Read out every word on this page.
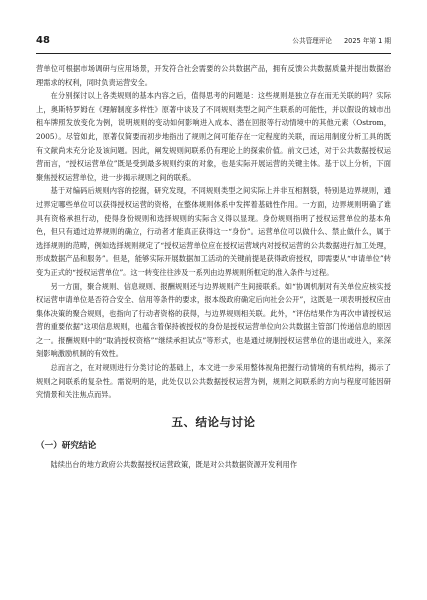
48	公共管理评论 2025 年第 1 期

营单位可根据市场调研与应用场景，开发符合社会需要的公共数据产品，拥有反馈公共数据质量并提出数据治理需求的权利，同时负责运营安全。

在分别探讨以上各类规则的基本内容之后，值得思考的问题是：这些规则是独立存在而无关联的吗？实际上，奥斯特罗姆在《理解制度多样性》原著中谈及了不同规则类型之间产生联系的可能性，并以假设的城市出租车牌照发放变化为例，说明规则的变动如何影响进入成本、潜在回报等行动情境中的其他元素（Ostrom，2005）。尽管如此，原著仅简要而初步地指出了规则之间可能存在一定程度的关联，而运用制度分析工具的既有文献尚未充分论及该问题。因此，阐发规则间联系仍有理论上的探索价值。前文已述，对于公共数据授权运营而言，“授权运营单位”既是受到最多规则约束的对象，也是实际开展运营的关键主体。基于以上分析，下面聚焦授权运营单位，进一步揭示规则之间的联系。

基于对编码后规则内容的挖掘，研究发现，不同规则类型之间实际上并非互相割裂，特别是边界规则，通过界定哪些单位可以获得授权运营的资格，在整体规则体系中发挥着基础性作用。一方面，边界规则明确了谁具有资格承担行动，使得身份规则和选择规则的实际含义得以显现。身份规则指明了授权运营单位的基本角色，但只有通过边界规则的确立，行动者才能真正获得这一“身份”。运营单位可以做什么、禁止做什么，属于选择规则的范畴，例如选择规则规定了“授权运营单位应在授权运营域内对授权运营的公共数据进行加工处理，形成数据产品和服务”。但是，能够实际开展数据加工活动的关键前提是获得政府授权，即需要从“申请单位”转变为正式的“授权运营单位”。这一转变往往涉及一系列由边界规则所框定的准入条件与过程。

另一方面，聚合规则、信息规则、报酬规则还与边界规则产生间接联系。如“协调机制对有关单位应核实授权运营申请单位是否符合安全、信用等条件的要求，报本级政府确定后向社会公开”，这既是一项表明授权应由集体决策的聚合规则，也指向了行动者资格的获得，与边界规则相关联。此外，“评估结果作为再次申请授权运营的重要依据”这项信息规则，也蕴含着保持被授权的身份是授权运营单位向公共数据主管部门传递信息的原因之一。报酬规则中的“取消授权资格”“继续承担试点”等形式，也是通过规制授权运营单位的退出或进入，来深刻影响激励机制的有效性。

总而言之，在对规则进行分类讨论的基础上，本文进一步采用整体视角把握行动情境的有机结构，揭示了规则之间联系的复杂性。需说明的是，此处仅以公共数据授权运营为例，规则之间联系的方向与程度可能因研究情景和关注焦点而异。

五、结论与讨论
（一）研究结论

陆续出台的地方政府公共数据授权运营政策，既是对公共数据资源开发利用作
